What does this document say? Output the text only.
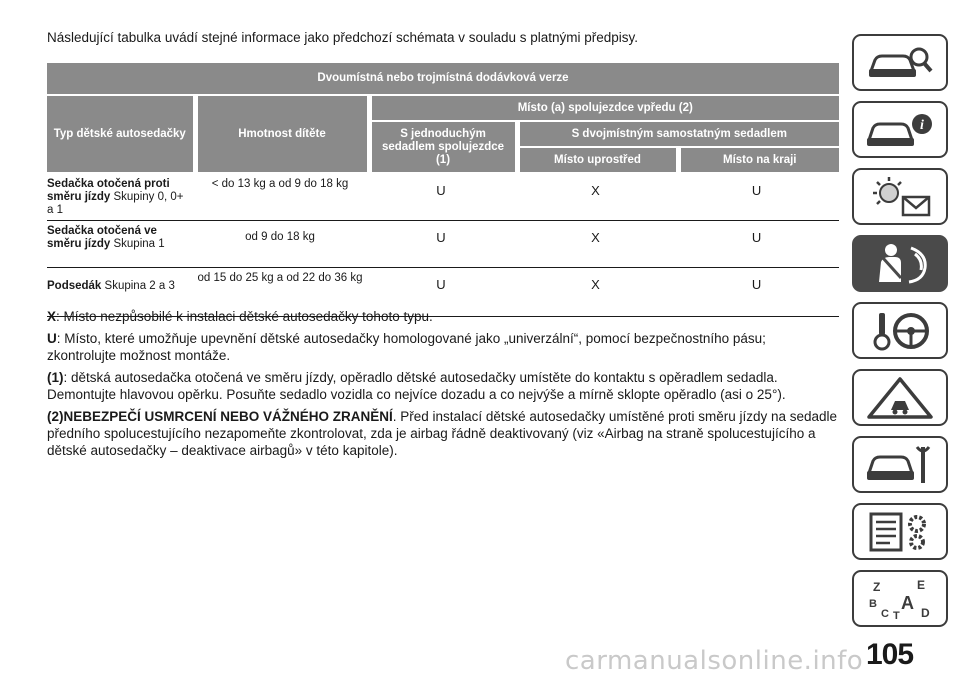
Následující tabulka uvádí stejné informace jako předchozí schémata v souladu s platnými předpisy.
Dvoumístná nebo trojmístná dodávková verze				
Typ dětské autosedačky	Hmotnost dítěte	Místo (a) spolujezdce vpředu (2)		
		S jednoduchým sedadlem spolujezdce (1)	S dvojmístným samostatným sedadlem	
			Místo uprostřed	Místo na kraji
Sedačka otočená proti směru jízdy Skupiny 0, 0+ a 1	< do 13 kg a od 9 do 18 kg	U	X	U
Sedačka otočená ve směru jízdy Skupina 1	od 9 do 18 kg	U	X	U
Podsedák Skupina 2 a 3	od 15 do 25 kg a od 22 do 36 kg	U	X	U

X: Místo nezpůsobilé k instalaci dětské autosedačky tohoto typu.

U: Místo, které umožňuje upevnění dětské autosedačky homologované jako „univerzální“, pomocí bezpečnostního pásu; zkontrolujte možnost montáže.

(1): dětská autosedačka otočená ve směru jízdy, opěradlo dětské autosedačky umístěte do kontaktu s opěradlem sedadla. Demontujte hlavovou opěrku. Posuňte sedadlo vozidla co nejvíce dozadu a co nejvýše a mírně sklopte opěradlo (asi o 25°).

(2)NEBEZPEČÍ USMRCENÍ NEBO VÁŽNÉHO ZRANĚNÍ. Před instalací dětské autosedačky umístěné proti směru jízdy na sedadle předního spolucestujícího nezapomeňte zkontrolovat, zda je airbag řádně deaktivovaný (viz «Airbag na straně spolucestujícího a dětské autosedačky – deaktivace airbagů» v této kapitole).

i
Z	E
B A
C T D
carmanualsonline.info 105
